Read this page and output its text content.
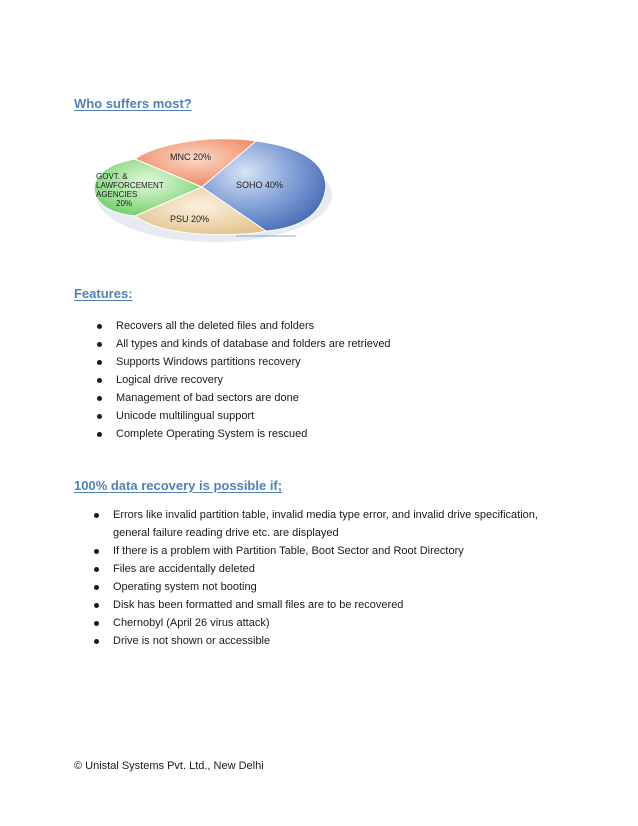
Who suffers most?
MNC 20%
SOHO 40%
PSU 20%
GOVT. &
LAWFORCEMENT
AGENCIES
20%
Features:
Recovers all the deleted files and folders
All types and kinds of database and folders are retrieved
Supports Windows partitions recovery
Logical drive recovery
Management of bad sectors are done
Unicode multilingual support
Complete Operating System is rescued
100% data recovery is possible if;
Errors like invalid partition table, invalid media type error, and invalid drive specification, general failure reading drive etc. are displayed
If there is a problem with Partition Table, Boot Sector and Root Directory
Files are accidentally deleted
Operating system not booting
Disk has been formatted and small files are to be recovered
Chernobyl (April 26 virus attack)
Drive is not shown or accessible
© Unistal Systems Pvt. Ltd., New Delhi
